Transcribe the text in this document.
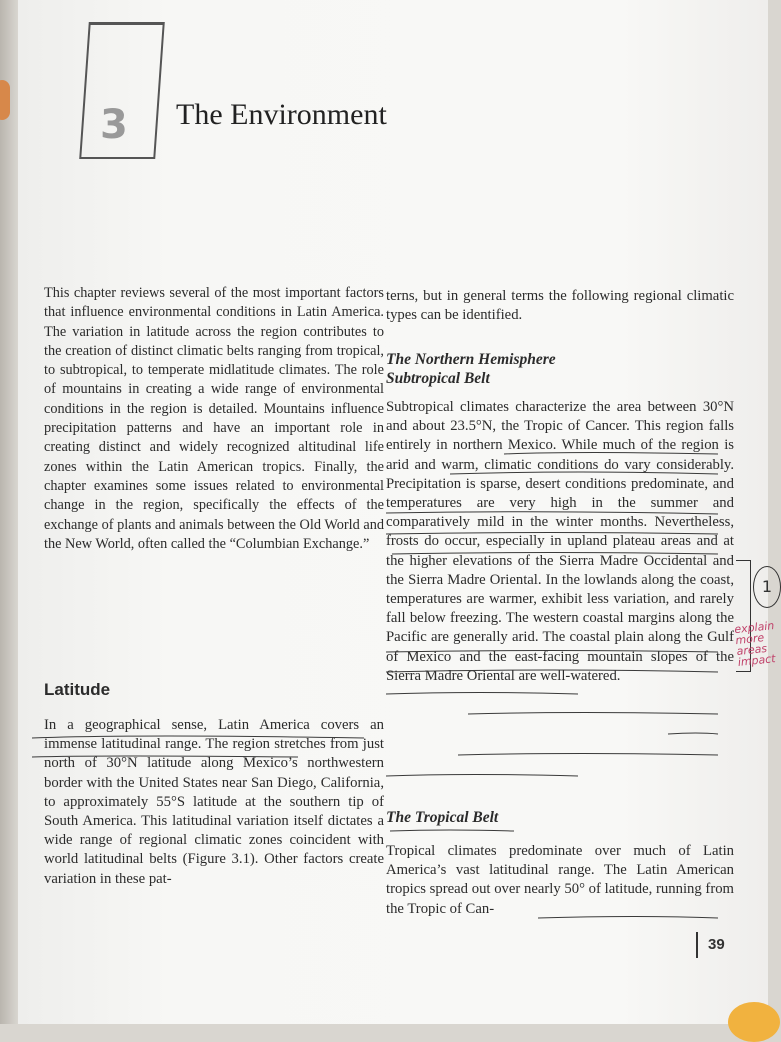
3 The Environment

This chapter reviews several of the most important factors that influence environmental conditions in Latin America. The variation in latitude across the region contributes to the creation of distinct climatic belts ranging from tropical, to subtropical, to temperate midlatitude climates. The role of mountains in creating a wide range of environmental conditions in the region is detailed. Mountains influence precipitation patterns and have an important role in creating distinct and widely recognized altitudinal life zones within the Latin American tropics. Finally, the chapter examines some issues related to environmental change in the region, specifically the effects of the exchange of plants and animals between the Old World and the New World, often called the “Columbian Exchange.”

Latitude

In a geographical sense, Latin America covers an immense latitudinal range. The region stretches from just north of 30°N latitude along Mexico’s northwestern border with the United States near San Diego, California, to approximately 55°S latitude at the southern tip of South America. This latitudinal variation itself dictates a wide range of regional climatic zones coincident with world latitudinal belts (Figure 3.1). Other factors create variation in these pat-

terns, but in general terms the following regional climatic types can be identified.

The Northern Hemisphere

Subtropical Belt

Subtropical climates characterize the area between 30°N and about 23.5°N, the Tropic of Cancer. This region falls entirely in northern Mexico. While much of the region is arid and warm, climatic conditions do vary considerably. Precipitation is sparse, desert conditions predominate, and temperatures are very high in the summer and comparatively mild in the winter months. Nevertheless, frosts do occur, especially in upland plateau areas and at the higher elevations of the Sierra Madre Occidental and the Sierra Madre Oriental. In the lowlands along the coast, temperatures are warmer, exhibit less variation, and rarely fall below freezing. The western coastal margins along the Pacific are generally arid. The coastal plain along the Gulf of Mexico and the east-facing mountain slopes of the Sierra Madre Oriental are well-watered.

The Tropical Belt

Tropical climates predominate over much of Latin America’s vast latitudinal range. The Latin American tropics spread out over nearly 50° of latitude, running from the Tropic of Can-

1
explain
more
areas
impact
39
